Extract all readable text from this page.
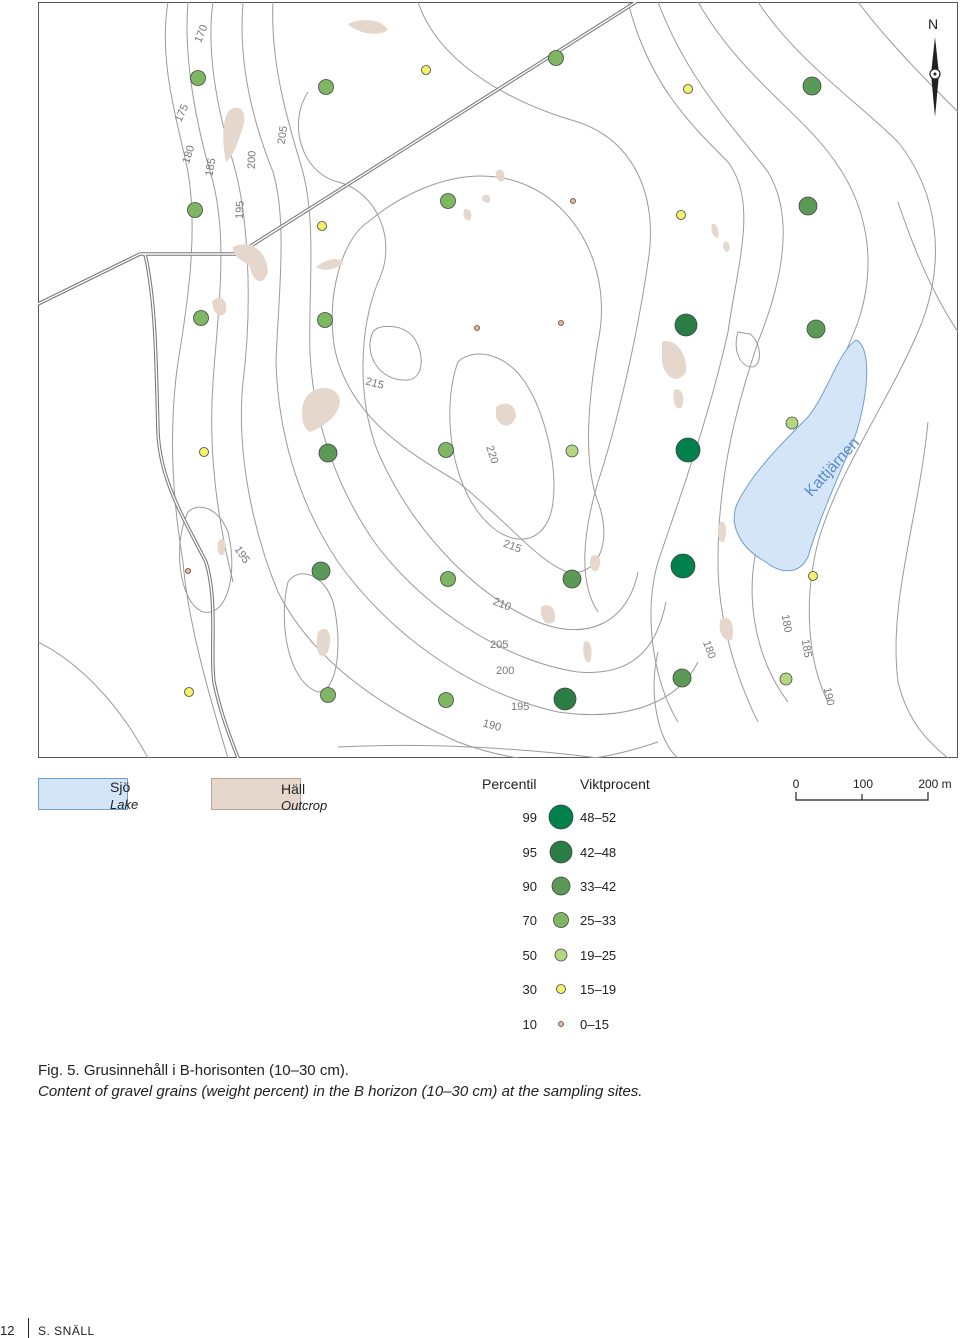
Kattjärnen
170
175
180
185
195
200
205
215
220
215
195
210
205
200
195
190
180
180
185
190
N
Sjö
Lake
Häll
Outcrop
Percentil	Viktprocent
99	48–52
95	42–48
90	33–42
70	25–33
50	19–25
30	15–19
10	0–15
0	100	200 m
Fig. 5. Grusinnehåll i B-horisonten (10–30 cm).
Content of gravel grains (weight percent) in the B horizon (10–30 cm) at the sampling sites.
12 S. SNÄLL
